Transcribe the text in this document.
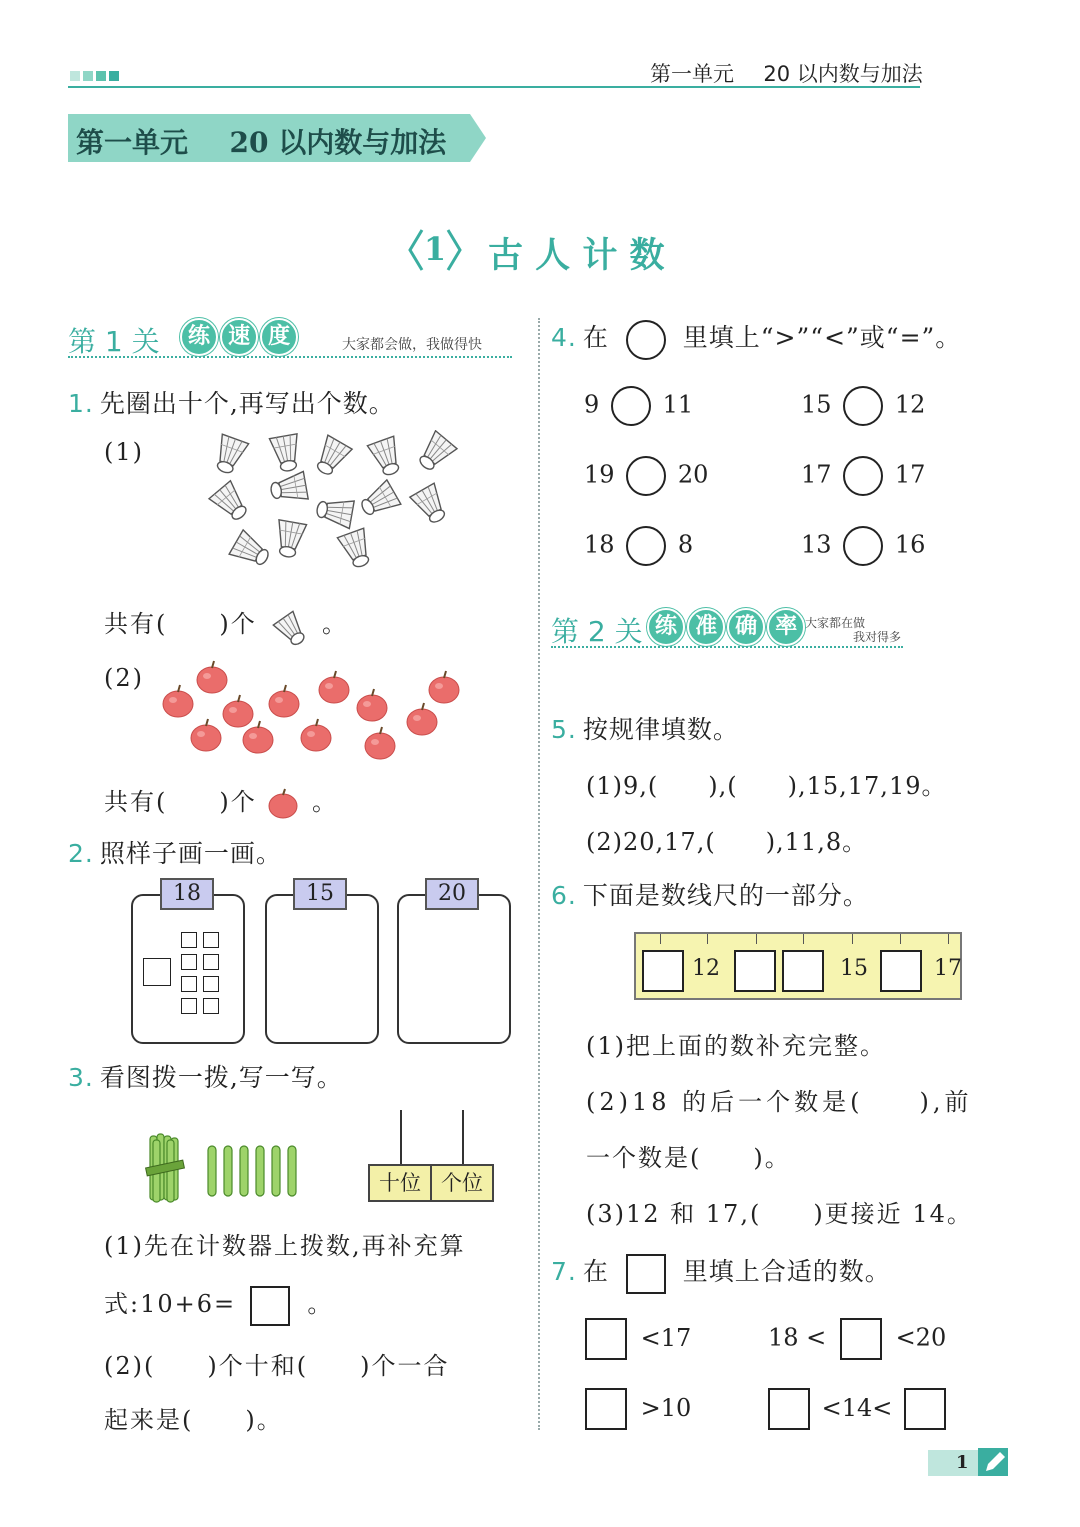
第一单元 20 以内数与加法
第一单元 20 以内数与加法
1	古 人 计 数
第 1 关	练 速 度	大家都会做，我做得快
1. 先圈出十个,再写出个数。
(1)
共有(　　)个	。
(2)
共有(　　)个 。
2. 照样子画一画。
18	15	20
3. 看图拨一拨,写一写。
十位 个位
(1)先在计数器上拨数,再补充算
式:10+6=	。
(2)(　　)个十和(　　)个一合
起来是(　　)。
4. 在	里填上“>”“<”或“=”。
9	11	15	12
19	20	17	17
18	8	13	16
第 2 关 练 准 确 率 大家都在做
我对得多
5. 按规律填数。
(1)9,(　　),(　　),15,17,19。
(2)20,17,(　　),11,8。
6. 下面是数线尺的一部分。
12	15	17
(1)把上面的数补充完整。
(2)18 的后一个数是(　　),前
一个数是(　　)。
(3)12 和 17,(　　)更接近 14。
7. 在	里填上合适的数。
<17	18 <	<20
>10	<14<
1
